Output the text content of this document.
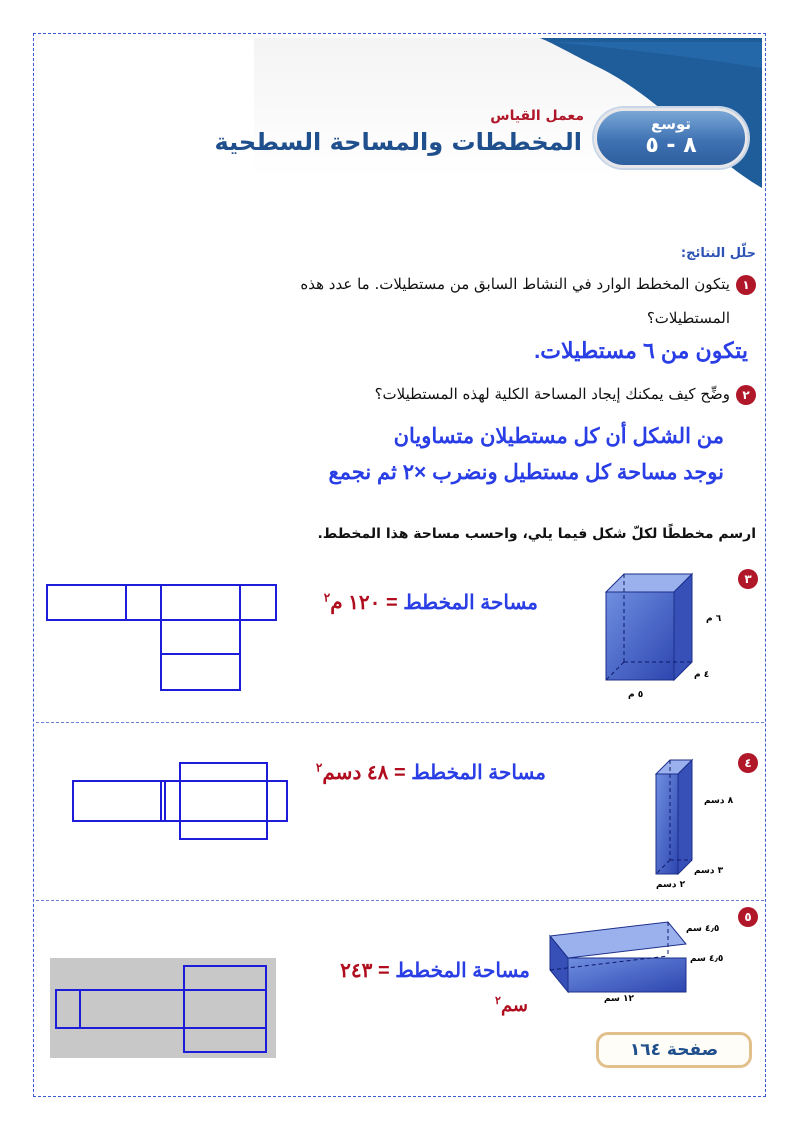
توسع
٨ - ٥
معمل القياس
المخططات والمساحة السطحية
حلّل النتائج:
١يتكون المخطط الوارد في النشاط السابق من مستطيلات. ما عدد هذه
المستطيلات؟
يتكون من ٦ مستطيلات.
٢وضِّح كيف يمكنك إيجاد المساحة الكلية لهذه المستطيلات؟
من الشكل أن كل مستطيلان متساويان
نوجد مساحة كل مستطيل ونضرب ×٢ ثم نجمع
ارسم مخططًا لكلّ شكل فيما يلي، واحسب مساحة هذا المخطط.
٣
٦ م
٤ م
٥ م
مساحة المخطط = ١٢٠ م$^٢$
٤
٨ دسم
٣ دسم
٢ دسم
مساحة المخطط = ٤٨ دسم$^٢$
٥
٤٫٥ سم
٤٫٥ سم
١٢ سم
مساحة المخطط = ٢٤٣
سم$^٢$
صفحة ١٦٤
